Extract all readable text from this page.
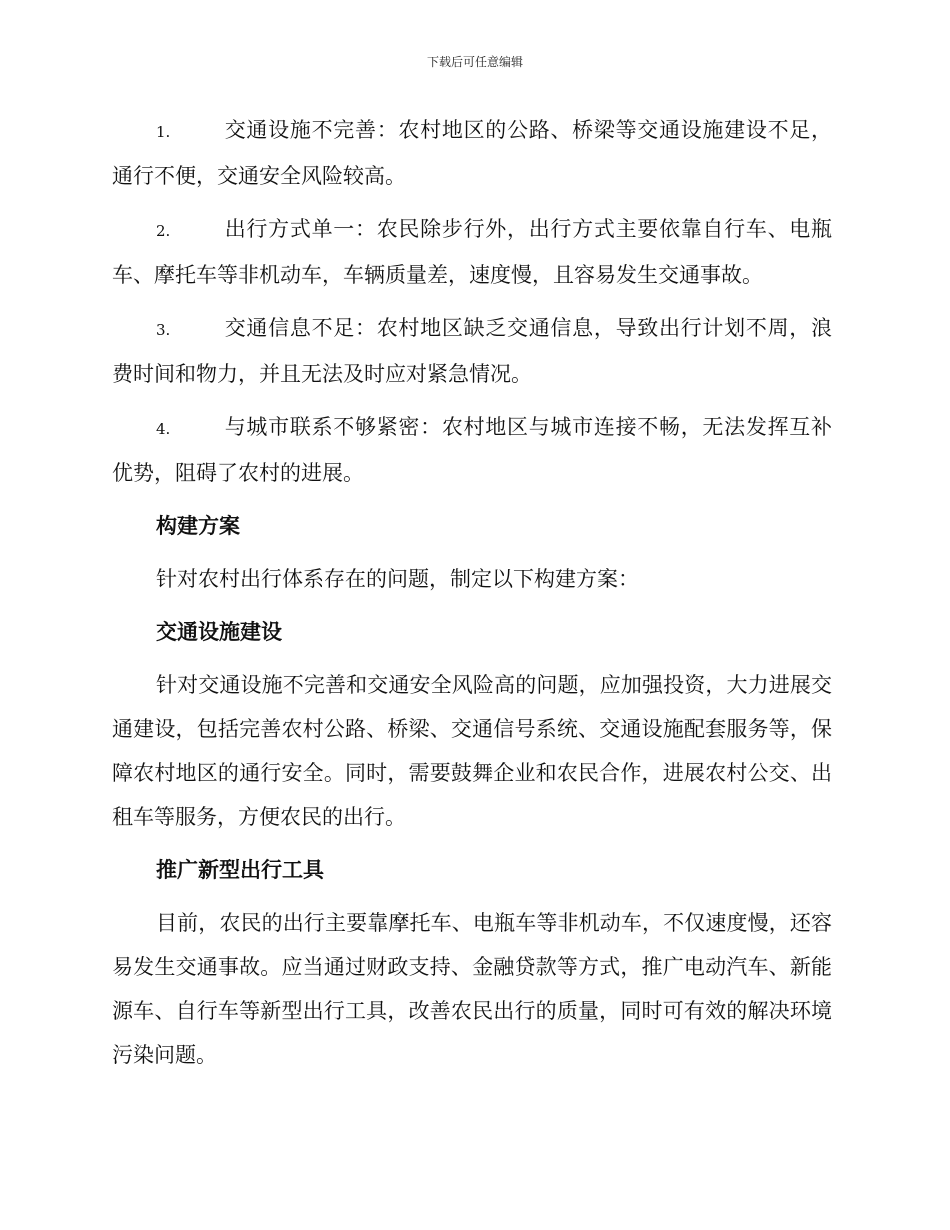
下载后可任意编辑

1.	交通设施不完善：农村地区的公路、桥梁等交通设施建设不足，通行不便，交通安全风险较高。

2.	出行方式单一：农民除步行外，出行方式主要依靠自行车、电瓶车、摩托车等非机动车，车辆质量差，速度慢，且容易发生交通事故。

3.	交通信息不足：农村地区缺乏交通信息，导致出行计划不周，浪费时间和物力，并且无法及时应对紧急情况。

4.	与城市联系不够紧密：农村地区与城市连接不畅，无法发挥互补优势，阻碍了农村的进展。

构建方案

针对农村出行体系存在的问题，制定以下构建方案：

交通设施建设

针对交通设施不完善和交通安全风险高的问题，应加强投资，大力进展交通建设，包括完善农村公路、桥梁、交通信号系统、交通设施配套服务等，保障农村地区的通行安全。同时，需要鼓舞企业和农民合作，进展农村公交、出租车等服务，方便农民的出行。

推广新型出行工具

目前，农民的出行主要靠摩托车、电瓶车等非机动车，不仅速度慢，还容易发生交通事故。应当通过财政支持、金融贷款等方式，推广电动汽车、新能源车、自行车等新型出行工具，改善农民出行的质量，同时可有效的解决环境污染问题。
